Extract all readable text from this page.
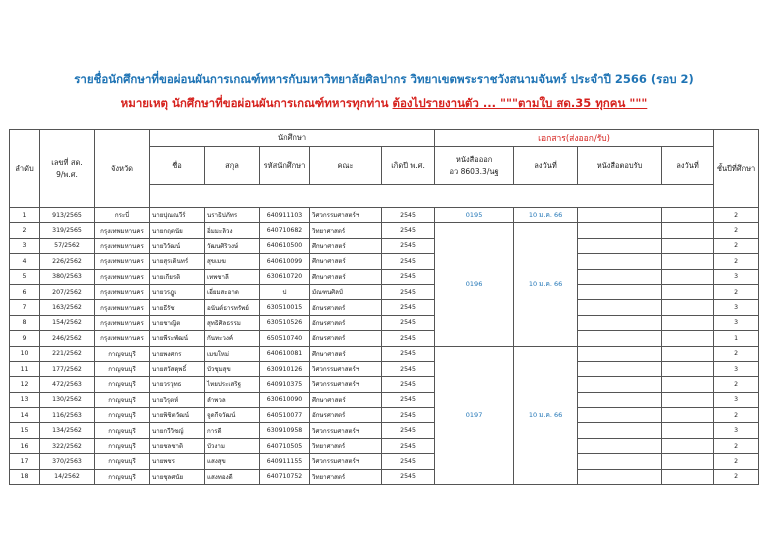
รายชื่อนักศึกษาที่ขอผ่อนผันการเกณฑ์ทหารกับมหาวิทยาลัยศิลปากร วิทยาเขตพระราชวังสนามจันทร์ ประจำปี 2566 (รอบ 2)
หมายเหตุ นักศึกษาที่ขอผ่อนผันการเกณฑ์ทหารทุกท่าน ต้องไปรายงานตัว ... """ตามใบ สด.35 ทุกคน """
ลำดับ	เลขที่ สด.
9/พ.ศ.	จังหวัด	นักศึกษา					เอกสาร(ส่งออก/รับ)				ชั้นปีที่ศึกษา
			ชื่อ	สกุล	รหัสนักศึกษา	คณะ	เกิดปี พ.ศ.	หนังสือออก
อว 8603.3/นฐ	ลงวันที่	หนังสือตอบรับ	ลงวันที่	

1	913/2565	กระบี่	นายปุณณวีร์	นราธิปภัทร	640911103	วิศวกรรมศาสตร์ฯ	2545	0195	10 ม.ค. 66			2
2	319/2565	กรุงเทพมหานคร	นายกฤตนัย	อิ่มมะลิวง	640710682	วิทยาศาสตร์	2545	0196	10 ม.ค. 66			2
3	57/2562	กรุงเทพมหานคร	นายวิวัฒน์	วัฒนศิริวงษ์	640610500	ศึกษาศาสตร์	2545					2
4	226/2562	กรุงเทพมหานคร	นายสุรเดินทร์	สุขเมฆ	640610099	ศึกษาศาสตร์	2545					2
5	380/2563	กรุงเทพมหานคร	นายเกียรติ	เทพชาลี	630610720	ศึกษาศาสตร์	2545					3
6	207/2562	กรุงเทพมหานคร	นายวรฎูเ	เอี่ยมสะอาด	ป	มัณฑนศิลป์	2545					2
7	163/2562	กรุงเทพมหานคร	นายธีรัช	อนันต์ธารทรัพย์	630510015	อักษรศาสตร์	2545					3
8	154/2562	กรุงเทพมหานคร	นายชาญิต	สุทธิศิลธรรม	630510526	อักษรศาสตร์	2545					3
9	246/2562	กรุงเทพมหานคร	นายพีระพัฒน์	กันทะวงค์	650510740	อักษรศาสตร์	2545					1
10	221/2562	กาญจนบุรี	นายพงศกร	เมฆใหม่	640610081	ศึกษาศาสตร์	2545	0197	10 ม.ค. 66			2
11	177/2562	กาญจนบุรี	นายสวัสดุพธิ์	บัวชุมสุข	630910126	วิศวกรรมศาสตร์ฯ	2545					3
12	472/2563	กาญจนบุรี	นายวรวุทธ	ไทยประเสริฐ	640910375	วิศวกรรมศาสตร์ฯ	2545					2
13	130/2562	กาญจนบุรี	นายวิรุตห์	ลำพวล	630610090	ศึกษาศาสตร์	2545					3
14	116/2563	กาญจนบุรี	นายพิชิตวัฒน์	จูดกีจวัฒน์	640510077	อักษรศาสตร์	2545					2
15	134/2562	กาญจนบุรี	นายกวีวิชญ์	การดี	630910958	วิศวกรรมศาสตร์ฯ	2545					3
16	322/2562	กาญจนบุรี	นายชลชาติ	บัวงาม	640710505	วิทยาศาสตร์	2545					2
17	370/2563	กาญจนบุรี	นายพชร	แสงสุข	640911155	วิศวกรรมศาสตร์ฯ	2545					2
18	14/2562	กาญจนบุรี	นายชุลศนัย	แสงทองดี	640710752	วิทยาศาสตร์	2545					2
